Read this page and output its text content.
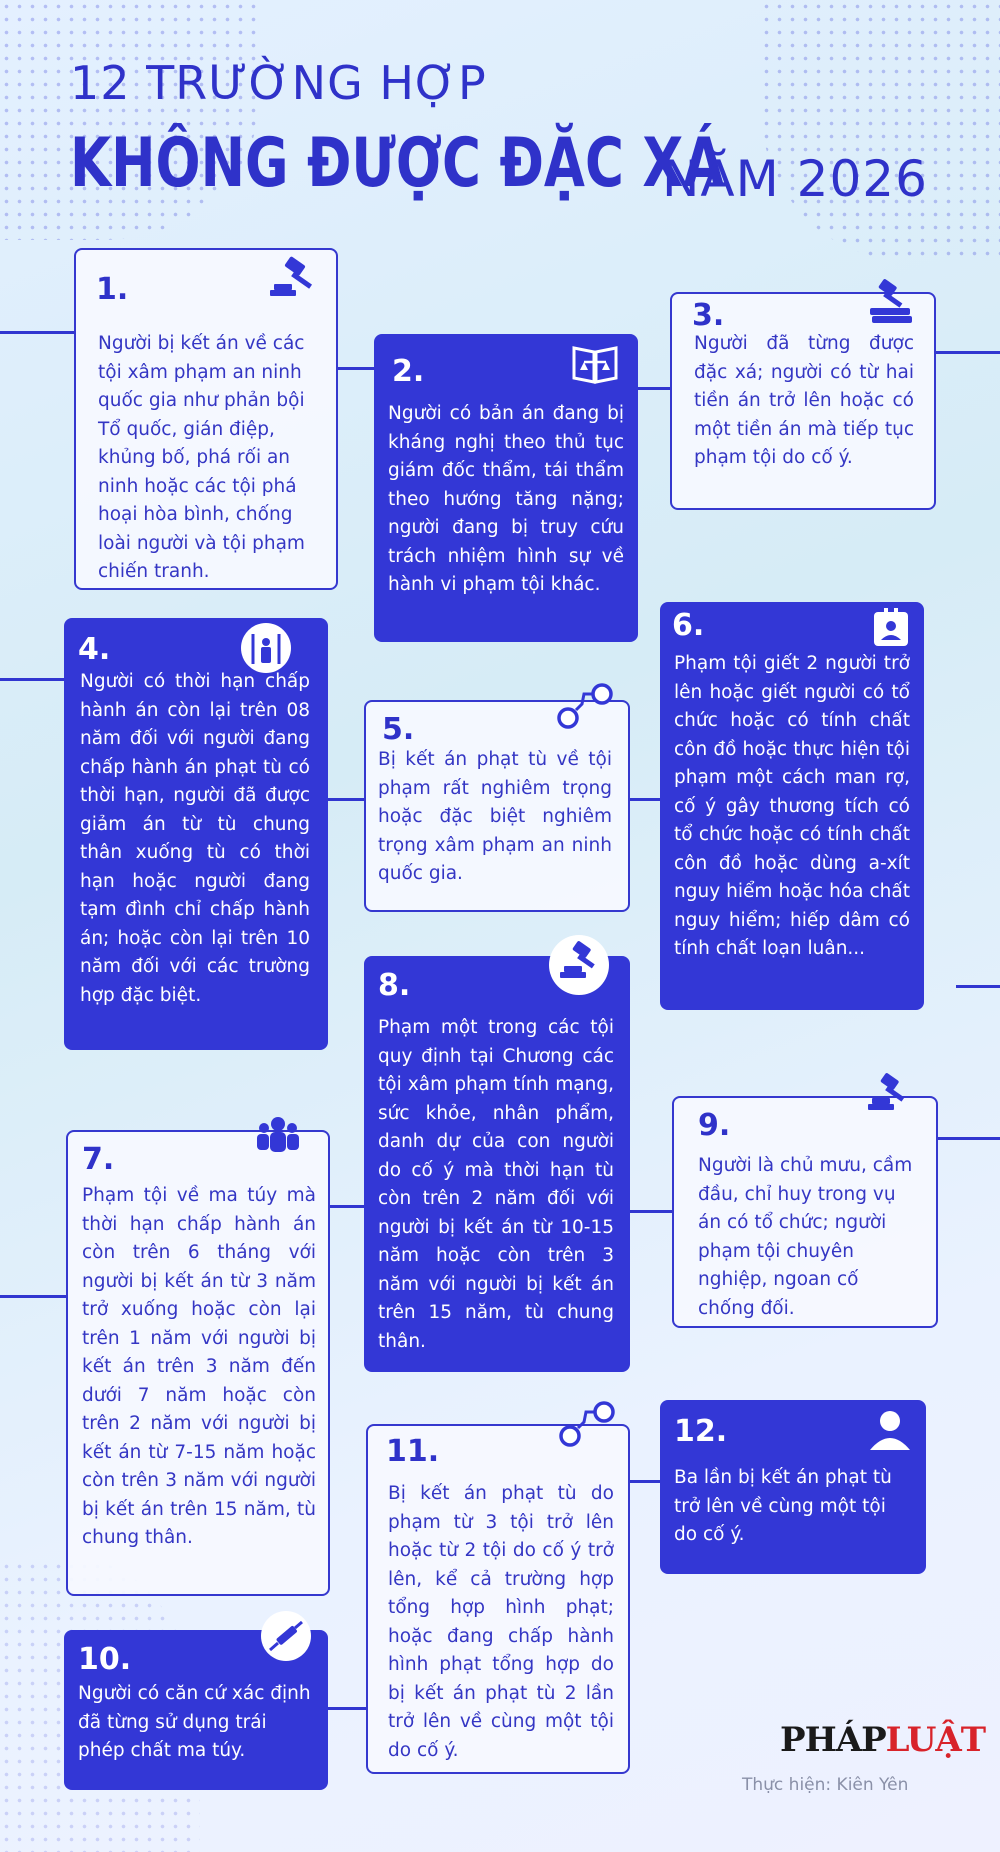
12 TRƯỜNG HỢP
KHÔNG ĐƯỢC ĐẶC XÁ
NĂM 2026
1.
Người bị kết án về các tội xâm phạm an ninh quốc gia như phản bội Tổ quốc, gián điệp, khủng bố, phá rối an ninh hoặc các tội phá hoại hòa bình, chống loài người và tội phạm chiến tranh.
2.
Người có bản án đang bị kháng nghị theo thủ tục giám đốc thẩm, tái thẩm theo hướng tăng nặng; người đang bị truy cứu trách nhiệm hình sự về hành vi phạm tội khác.
3.
Người đã từng được đặc xá; người có từ hai tiền án trở lên hoặc có một tiền án mà tiếp tục phạm tội do cố ý.
4.
Người có thời hạn chấp hành án còn lại trên 08 năm đối với người đang chấp hành án phạt tù có thời hạn, người đã được giảm án từ tù chung thân xuống tù có thời hạn hoặc người đang tạm đình chỉ chấp hành án; hoặc còn lại trên 10 năm đối với các trường hợp đặc biệt.
5.
Bị kết án phạt tù về tội phạm rất nghiêm trọng hoặc đặc biệt nghiêm trọng xâm phạm an ninh quốc gia.
6.
Phạm tội giết 2 người trở lên hoặc giết người có tổ chức hoặc có tính chất côn đồ hoặc thực hiện tội phạm một cách man rợ, cố ý gây thương tích có tổ chức hoặc có tính chất côn đồ hoặc dùng a-xít nguy hiểm hoặc hóa chất nguy hiểm; hiếp dâm có tính chất loạn luân...
8.
Phạm một trong các tội quy định tại Chương các tội xâm phạm tính mạng, sức khỏe, nhân phẩm, danh dự của con người do cố ý mà thời hạn tù còn trên 2 năm đối với người bị kết án từ 10-15 năm hoặc còn trên 3 năm với người bị kết án trên 15 năm, tù chung thân.
9.
Người là chủ mưu, cầm đầu, chỉ huy trong vụ án có tổ chức; người phạm tội chuyên nghiệp, ngoan cố chống đối.
7.
Phạm tội về ma túy mà thời hạn chấp hành án còn trên 6 tháng với người bị kết án từ 3 năm trở xuống hoặc còn lại trên 1 năm với người bị kết án trên 3 năm đến dưới 7 năm hoặc còn trên 2 năm với người bị kết án từ 7-15 năm hoặc còn trên 3 năm với người bị kết án trên 15 năm, tù chung thân.
12.
Ba lần bị kết án phạt tù trở lên về cùng một tội do cố ý.
11.
Bị kết án phạt tù do phạm từ 3 tội trở lên hoặc từ 2 tội do cố ý trở lên, kể cả trường hợp tổng hợp hình phạt; hoặc đang chấp hành hình phạt tổng hợp do bị kết án phạt tù 2 lần trở lên về cùng một tội do cố ý.
10.
Người có căn cứ xác định đã từng sử dụng trái phép chất ma túy.	PHÁPLUẬT
Thực hiện: Kiên Yên
